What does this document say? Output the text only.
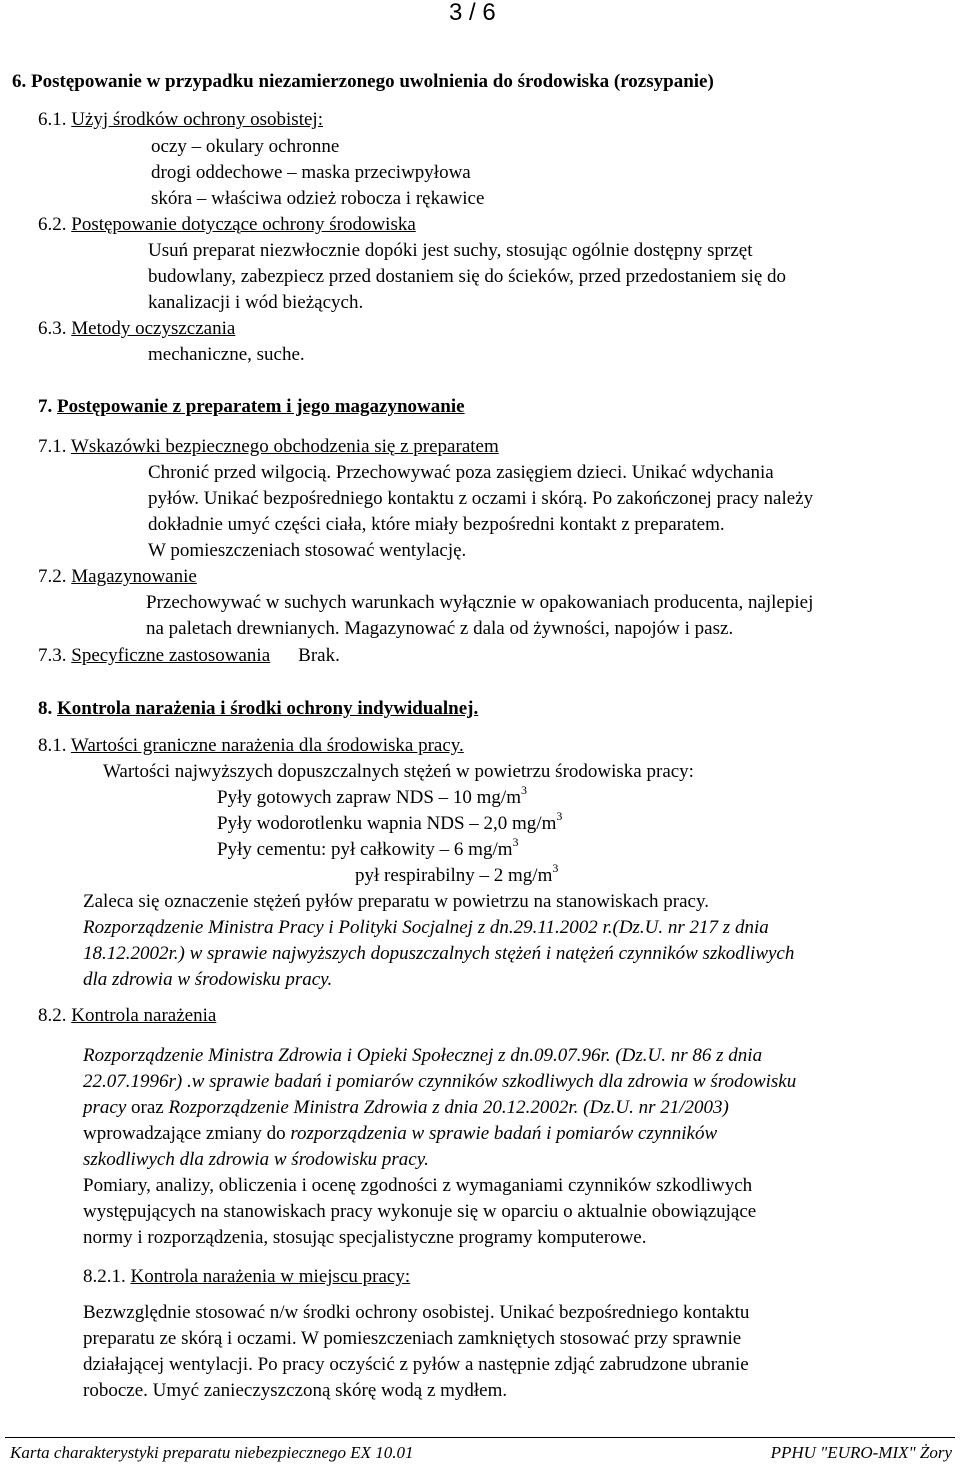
3 / 6
6. Postępowanie w przypadku niezamierzonego uwolnienia do środowiska (rozsypanie)
6.1. Użyj środków ochrony osobistej:
oczy – okulary ochronne
drogi oddechowe – maska przeciwpyłowa
skóra – właściwa odzież robocza i rękawice
6.2. Postępowanie dotyczące ochrony środowiska
Usuń preparat niezwłocznie dopóki jest suchy, stosując ogólnie dostępny sprzęt
budowlany, zabezpiecz przed dostaniem się do ścieków, przed przedostaniem się do
kanalizacji i wód bieżących.
6.3. Metody oczyszczania
mechaniczne, suche.
7. Postępowanie z preparatem i jego magazynowanie
7.1. Wskazówki bezpiecznego obchodzenia się z preparatem
Chronić przed wilgocią. Przechowywać poza zasięgiem dzieci. Unikać wdychania
pyłów. Unikać bezpośredniego kontaktu z oczami i skórą. Po zakończonej pracy należy
dokładnie umyć części ciała, które miały bezpośredni kontakt z preparatem.
W pomieszczeniach stosować wentylację.
7.2. Magazynowanie
Przechowywać w suchych warunkach wyłącznie w opakowaniach producenta, najlepiej
na paletach drewnianych. Magazynować z dala od żywności, napojów i pasz.
7.3. Specyficzne zastosowania Brak.
8. Kontrola narażenia i środki ochrony indywidualnej.
8.1. Wartości graniczne narażenia dla środowiska pracy.
Wartości najwyższych dopuszczalnych stężeń w powietrzu środowiska pracy:
Pyły gotowych zapraw NDS – 10 $mg/m^3$
Pyły wodorotlenku wapnia NDS – 2,0 $mg/m^3$
Pyły cementu: pył całkowity – 6 $mg/m^3$
pył respirabilny – 2 $mg/m^3$
Zaleca się oznaczenie stężeń pyłów preparatu w powietrzu na stanowiskach pracy.
Rozporządzenie Ministra Pracy i Polityki Socjalnej z dn.29.11.2002 r.(Dz.U. nr 217 z dnia
18.12.2002r.) w sprawie najwyższych dopuszczalnych stężeń i natężeń czynników szkodliwych
dla zdrowia w środowisku pracy.
8.2. Kontrola narażenia
Rozporządzenie Ministra Zdrowia i Opieki Społecznej z dn.09.07.96r. (Dz.U. nr 86 z dnia
22.07.1996r) .w sprawie badań i pomiarów czynników szkodliwych dla zdrowia w środowisku
pracy oraz Rozporządzenie Ministra Zdrowia z dnia 20.12.2002r. (Dz.U. nr 21/2003)
wprowadzające zmiany do rozporządzenia w sprawie badań i pomiarów czynników
szkodliwych dla zdrowia w środowisku pracy.
Pomiary, analizy, obliczenia i ocenę zgodności z wymaganiami czynników szkodliwych
występujących na stanowiskach pracy wykonuje się w oparciu o aktualnie obowiązujące
normy i rozporządzenia, stosując specjalistyczne programy komputerowe.
8.2.1. Kontrola narażenia w miejscu pracy:
Bezwzględnie stosować n/w środki ochrony osobistej. Unikać bezpośredniego kontaktu
preparatu ze skórą i oczami. W pomieszczeniach zamkniętych stosować przy sprawnie
działającej wentylacji. Po pracy oczyścić z pyłów a następnie zdjąć zabrudzone ubranie
robocze. Umyć zanieczyszczoną skórę wodą z mydłem.
Karta charakterystyki preparatu niebezpiecznego EX 10.01	PPHU "EURO-MIX" Żory
